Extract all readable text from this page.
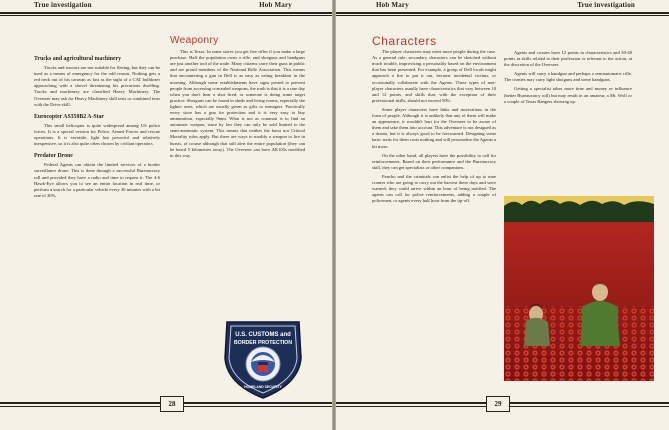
True investigation	Hob Mary
Trucks and agricultural machinery

Trucks and tractors are not suitable for fleeing, but they can be used as a means of emergency for the odd reason. Nothing gets a red neck out of his caravan as fast as the sight of a CAT bulldozer approaching with a shovel threatening his precarious dwelling. Trucks and machinery are classified Heavy Machinery. The Overseer may ask for Heavy Machinery skill tests or combined tests with the Drive skill.

Eurocopter AS350B2 A-Star

This small helicopter is quite widespread among US police forces. It is a special version for Police, Armed Forces and rescue operations. It is versatile, light but powerful and relatively inexpensive, so it is also quite often chosen by civilian operators.

Predator Drone

Federal Agents can obtain the limited services of a border surveillance drone. This is done through a successful Bureaucracy roll and provided they have a radio and time to request it. The 4-6 Hawk-Eye allows you to see an entire location in real time, or perform a search for a particular vehicle every 30 minutes with a hit rate of 30%.

Weaponry

This is Texas. In some stores you get free rifles if you make a large purchase. Half the population owns a rifle, and shotguns and handguns are just another tool of the trade. Many citizens carry their guns in public and are proud members of the National Rifle Association. This means that encountering a gun in Dell is as easy as eating breakfast in the morning. Although some establishments have signs posted to prevent people from accessing concealed weapons, the truth is that it is a rare day when you don't hear a shot fired, or someone is doing some target practice. Shotguns can be found in sheds and living rooms, especially the lighter ones, which are usually given as gifts to teenagers. Practically every store has a gun for protection and it is very easy to buy ammunition, especially 9mm. What is not as common is to find an automatic weapon, since by law they can only be sold limited to the semi-automatic system. This means that neither the burst nor Critical Mortality rules apply. But there are ways to modify a weapon to fire in bursts, of course although that still alert the entire population (they can be heard 5 kilometres away). The Overseer can have AK105s modified in this way.

U.S. CUSTOMS and
BORDER PROTECTION
HOMELAND SECURITY
28
Hob Mary	True investigation
Characters

The player characters may meet more people during the case. As a general rule, secondary characters can be sketched without much trouble, improvising a personality based on the environment that has been presented. For example, a group of Dell locals might approach a fire to put it out, become incidental victims, or occasionally collaborate with the Agents. These types of non-player characters usually have characteristics that vary between 10 and 12 points, and skills that, with the exception of their professional skills, should not exceed 50%.

Some player characters have links and motivations in the form of people. Although it is unlikely that any of them will make an appearance, it wouldn't hurt for the Overseer to be aware of them and take them into account. This adventure is not designed as a drama, but it is always good to be forewarned. Designing some basic traits for them costs nothing and will personalise the Agents a bit more.

On the other hand, all players have the possibility to call for reinforcements. Based on their performance and the Bureaucracy skill, they can get specialists or other companions.

Pancho and the criminals can enlist the help of up to nine cronies who are going to carry out the harvest these days and were warned; they could arrive within an hour of being notified. The agents can call for police reinforcements, adding a couple of policemen, or agents every half hour from the tip-off.

Agents and cronies have 12 points in characteristics and 30-40 points in skills related to their profession or relevant to the action, at the discretion of the Overseer.

Agents will carry a handgun and perhaps a semiautomatic rifle. The cronies may carry light shotguns and some handguns.

Getting a specialist takes more time and money or influence (better Bureaucracy roll) but may result in an amateur, a Mr. Wolf or a couple of Texas Rangers showing up.

29
